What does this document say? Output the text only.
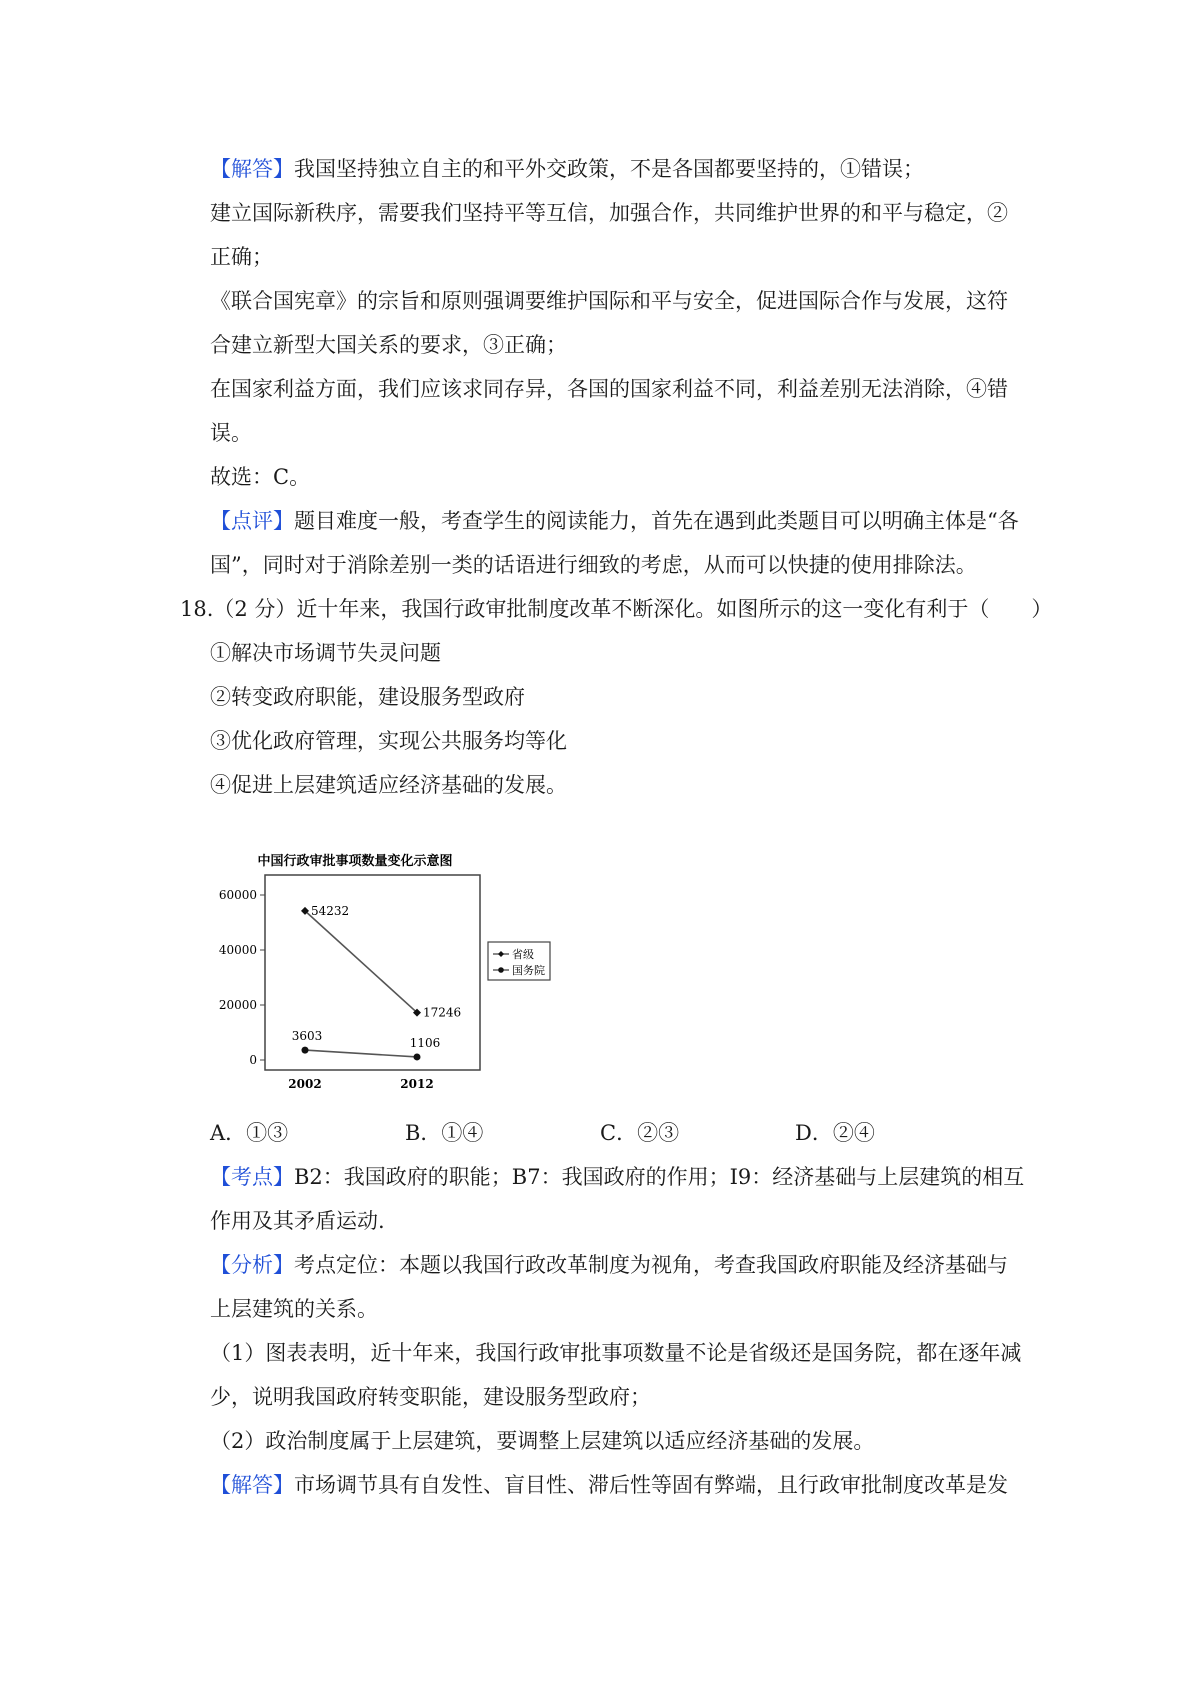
【解答】我国坚持独立自主的和平外交政策，不是各国都要坚持的，①错误；
建立国际新秩序，需要我们坚持平等互信，加强合作，共同维护世界的和平与稳定，②
正确；
《联合国宪章》的宗旨和原则强调要维护国际和平与安全，促进国际合作与发展，这符
合建立新型大国关系的要求，③正确；
在国家利益方面，我们应该求同存异，各国的国家利益不同，利益差别无法消除，④错
误。
故选：C。
【点评】题目难度一般，考查学生的阅读能力，首先在遇到此类题目可以明确主体是“各
国”，同时对于消除差别一类的话语进行细致的考虑，从而可以快捷的使用排除法。
18.（2 分）近十年来，我国行政审批制度改革不断深化。如图所示的这一变化有利于（　　）
①解决市场调节失灵问题
②转变政府职能，建设服务型政府
③优化政府管理，实现公共服务均等化
④促进上层建筑适应经济基础的发展。
中国行政审批事项数量变化示意图
60000
40000
20000
0
2002	2012
54232
17246
3603	1106
省级
国务院
A．①③	B．①④	C．②③	D．②④
【考点】B2：我国政府的职能；B7：我国政府的作用；I9：经济基础与上层建筑的相互
作用及其矛盾运动.
【分析】考点定位：本题以我国行政改革制度为视角，考查我国政府职能及经济基础与
上层建筑的关系。
（1）图表表明，近十年来，我国行政审批事项数量不论是省级还是国务院，都在逐年减
少，说明我国政府转变职能，建设服务型政府；
（2）政治制度属于上层建筑，要调整上层建筑以适应经济基础的发展。
【解答】市场调节具有自发性、盲目性、滞后性等固有弊端，且行政审批制度改革是发
